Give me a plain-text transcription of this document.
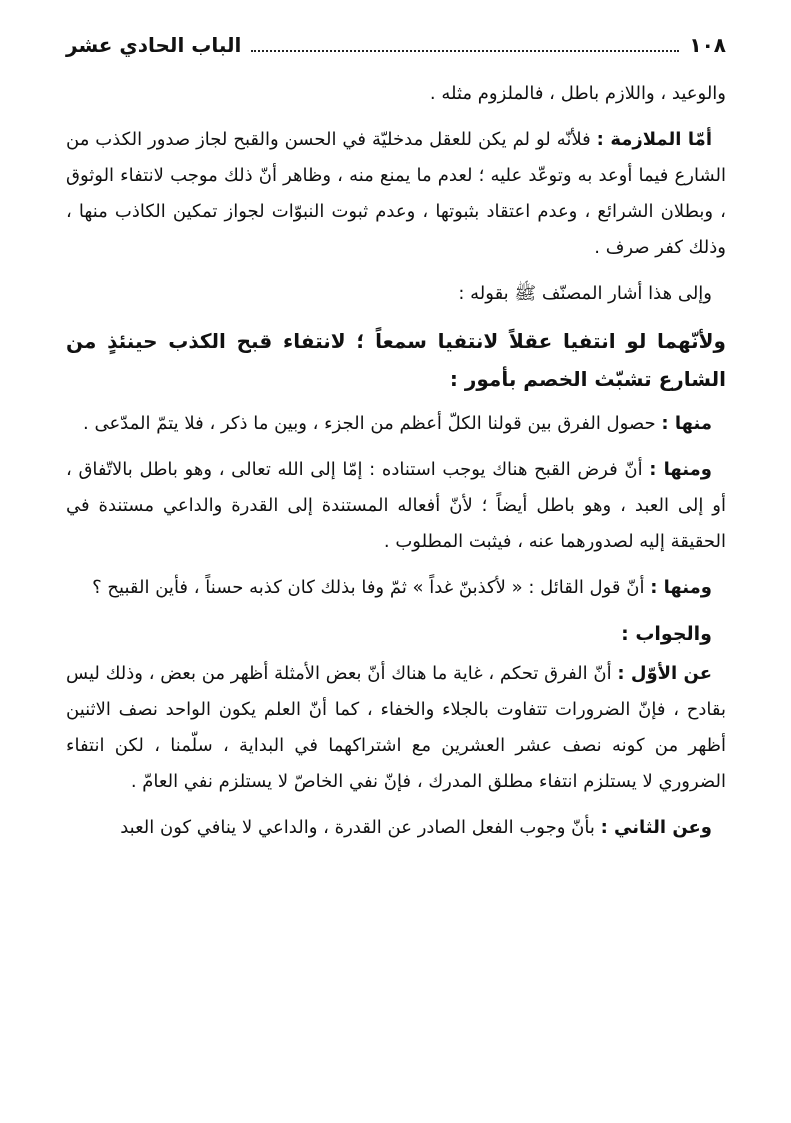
١٠٨
الباب الحادي عشر

والوعيد ، واللازم باطل ، فالملزوم مثله .

أمّا الملازمة : فلأنّه لو لم يكن للعقل مدخليّة في الحسن والقبح لجاز صدور الكذب من الشارع فيما أوعد به وتوعّد عليه ؛ لعدم ما يمنع منه ، وظاهر أنّ ذلك موجب لانتفاء الوثوق ، وبطلان الشرائع ، وعدم اعتقاد بثبوتها ، وعدم ثبوت النبوّات لجواز تمكين الكاذب منها ، وذلك كفر صرف .

وإلى هذا أشار المصنّف ﷺ بقوله :

ولأنّهما لو انتفيا عقلاً لانتفيا سمعاً ؛ لانتفاء قبح الكذب حينئذٍ من الشارع تشبّث الخصم بأمور :

منها : حصول الفرق بين قولنا الكلّ أعظم من الجزء ، وبين ما ذكر ، فلا يتمّ المدّعى .

ومنها : أنّ فرض القبح هناك يوجب استناده : إمّا إلى الله تعالى ، وهو باطل بالاتّفاق ، أو إلى العبد ، وهو باطل أيضاً ؛ لأنّ أفعاله المستندة إلى القدرة والداعي مستندة في الحقيقة إليه لصدورهما عنه ، فيثبت المطلوب .

ومنها : أنّ قول القائل : « لأكذبنّ غداً » ثمّ وفا بذلك كان كذبه حسناً ، فأين القبيح ؟

والجواب :

عن الأوّل : أنّ الفرق تحكم ، غاية ما هناك أنّ بعض الأمثلة أظهر من بعض ، وذلك ليس بقادح ، فإنّ الضرورات تتفاوت بالجلاء والخفاء ، كما أنّ العلم يكون الواحد نصف الاثنين أظهر من كونه نصف عشر العشرين مع اشتراكهما في البداية ، سلّمنا ، لكن انتفاء الضروري لا يستلزم انتفاء مطلق المدرك ، فإنّ نفي الخاصّ لا يستلزم نفي العامّ .

وعن الثاني : بأنّ وجوب الفعل الصادر عن القدرة ، والداعي لا ينافي كون العبد
